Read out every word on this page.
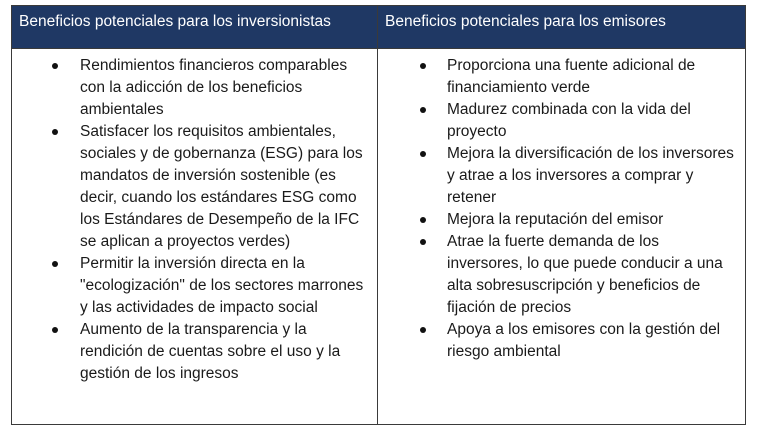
Beneficios potenciales para los inversionistas	Beneficios potenciales para los emisores
Rendimientos financieros comparables con la adicción de los beneficios ambientales
Satisfacer los requisitos ambientales, sociales y de gobernanza (ESG) para los mandatos de inversión sostenible (es decir, cuando los estándares ESG como los Estándares de Desempeño de la IFC se aplican a proyectos verdes)
Permitir la inversión directa en la "ecologización" de los sectores marrones y las actividades de impacto social
Aumento de la transparencia y la rendición de cuentas sobre el uso y la gestión de los ingresos
Proporciona una fuente adicional de financiamiento verde
Madurez combinada con la vida del proyecto
Mejora la diversificación de los inversores y atrae a los inversores a comprar y retener
Mejora la reputación del emisor
Atrae la fuerte demanda de los inversores, lo que puede conducir a una alta sobresuscripción y beneficios de fijación de precios
Apoya a los emisores con la gestión del riesgo ambiental
